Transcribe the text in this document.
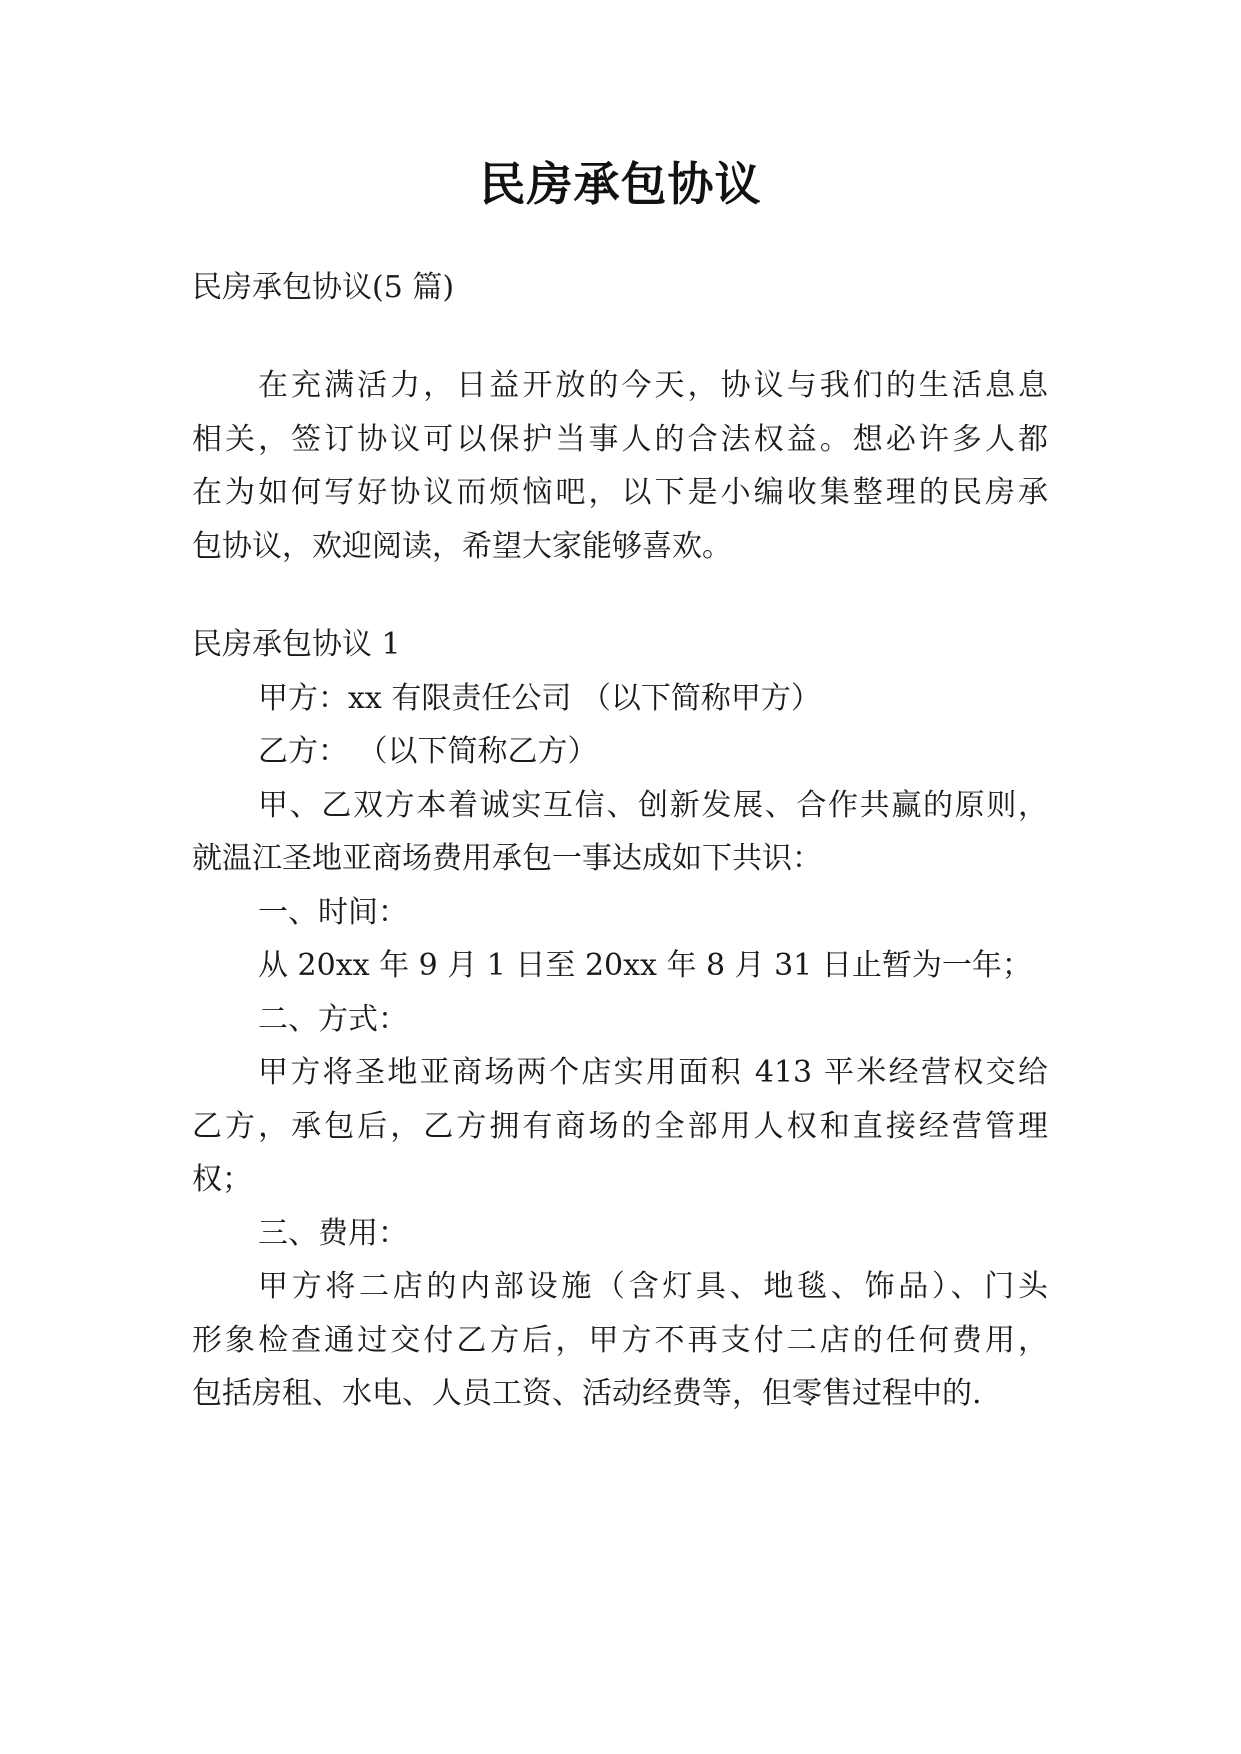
民房承包协议
民房承包协议(5 篇)
在充满活力，日益开放的今天，协议与我们的生活息息
相关，签订协议可以保护当事人的合法权益。想必许多人都
在为如何写好协议而烦恼吧，以下是小编收集整理的民房承
包协议，欢迎阅读，希望大家能够喜欢。
民房承包协议 1
甲方：xx 有限责任公司 （以下简称甲方）
乙方： （以下简称乙方）
甲、乙双方本着诚实互信、创新发展、合作共赢的原则，
就温江圣地亚商场费用承包一事达成如下共识：
一、时间：
从 20xx 年 9 月 1 日至 20xx 年 8 月 31 日止暂为一年；
二、方式：
甲方将圣地亚商场两个店实用面积 413 平米经营权交给
乙方，承包后，乙方拥有商场的全部用人权和直接经营管理
权；
三、费用：
甲方将二店的内部设施（含灯具、地毯、饰品）、门头
形象检查通过交付乙方后，甲方不再支付二店的任何费用，
包括房租、水电、人员工资、活动经费等，但零售过程中的.
